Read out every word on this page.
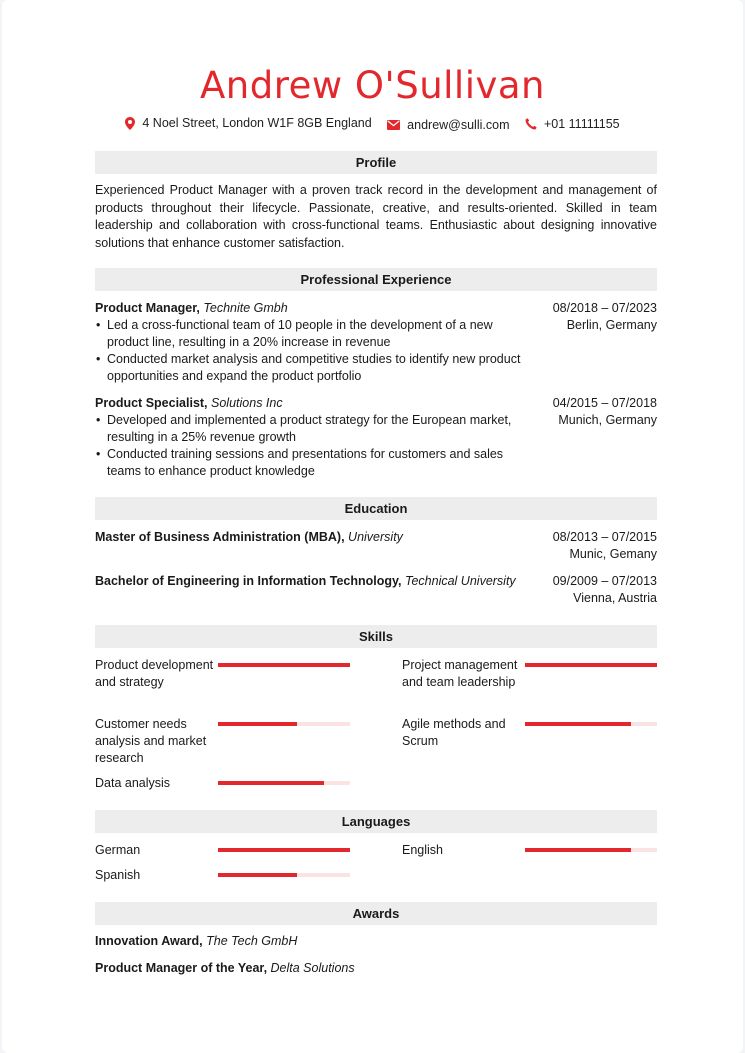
Andrew O'Sullivan
4 Noel Street, London W1F 8GB England
	andrew@sulli.com
	+01 11111155
Profile
Experienced Product Manager with a proven track record in the development and management of products throughout their lifecycle. Passionate, creative, and results-oriented. Skilled in team leadership and collaboration with cross-functional teams. Enthusiastic about designing innovative solutions that enhance customer satisfaction.
Professional Experience
Product Manager, Technite Gmbh	08/2018 – 07/2023
Berlin, Germany
• Led a cross-functional team of 10 people in the development of a new product line, resulting in a 20% increase in revenue
• Conducted market analysis and competitive studies to identify new product opportunities and expand the product portfolio
Product Specialist, Solutions Inc	04/2015 – 07/2018
Munich, Germany
• Developed and implemented a product strategy for the European market, resulting in a 25% revenue growth
• Conducted training sessions and presentations for customers and sales teams to enhance product knowledge
Education
Master of Business Administration (MBA), University	08/2013 – 07/2015
Munic, Gemany
Bachelor of Engineering in Information Technology, Technical University	09/2009 – 07/2013
Vienna, Austria
Skills
Product development and strategy
Project management and team leadership
Customer needs analysis and market research
Agile methods and Scrum
Data analysis
Languages
German	English
Spanish
Awards
Innovation Award, The Tech GmbH
Product Manager of the Year, Delta Solutions
